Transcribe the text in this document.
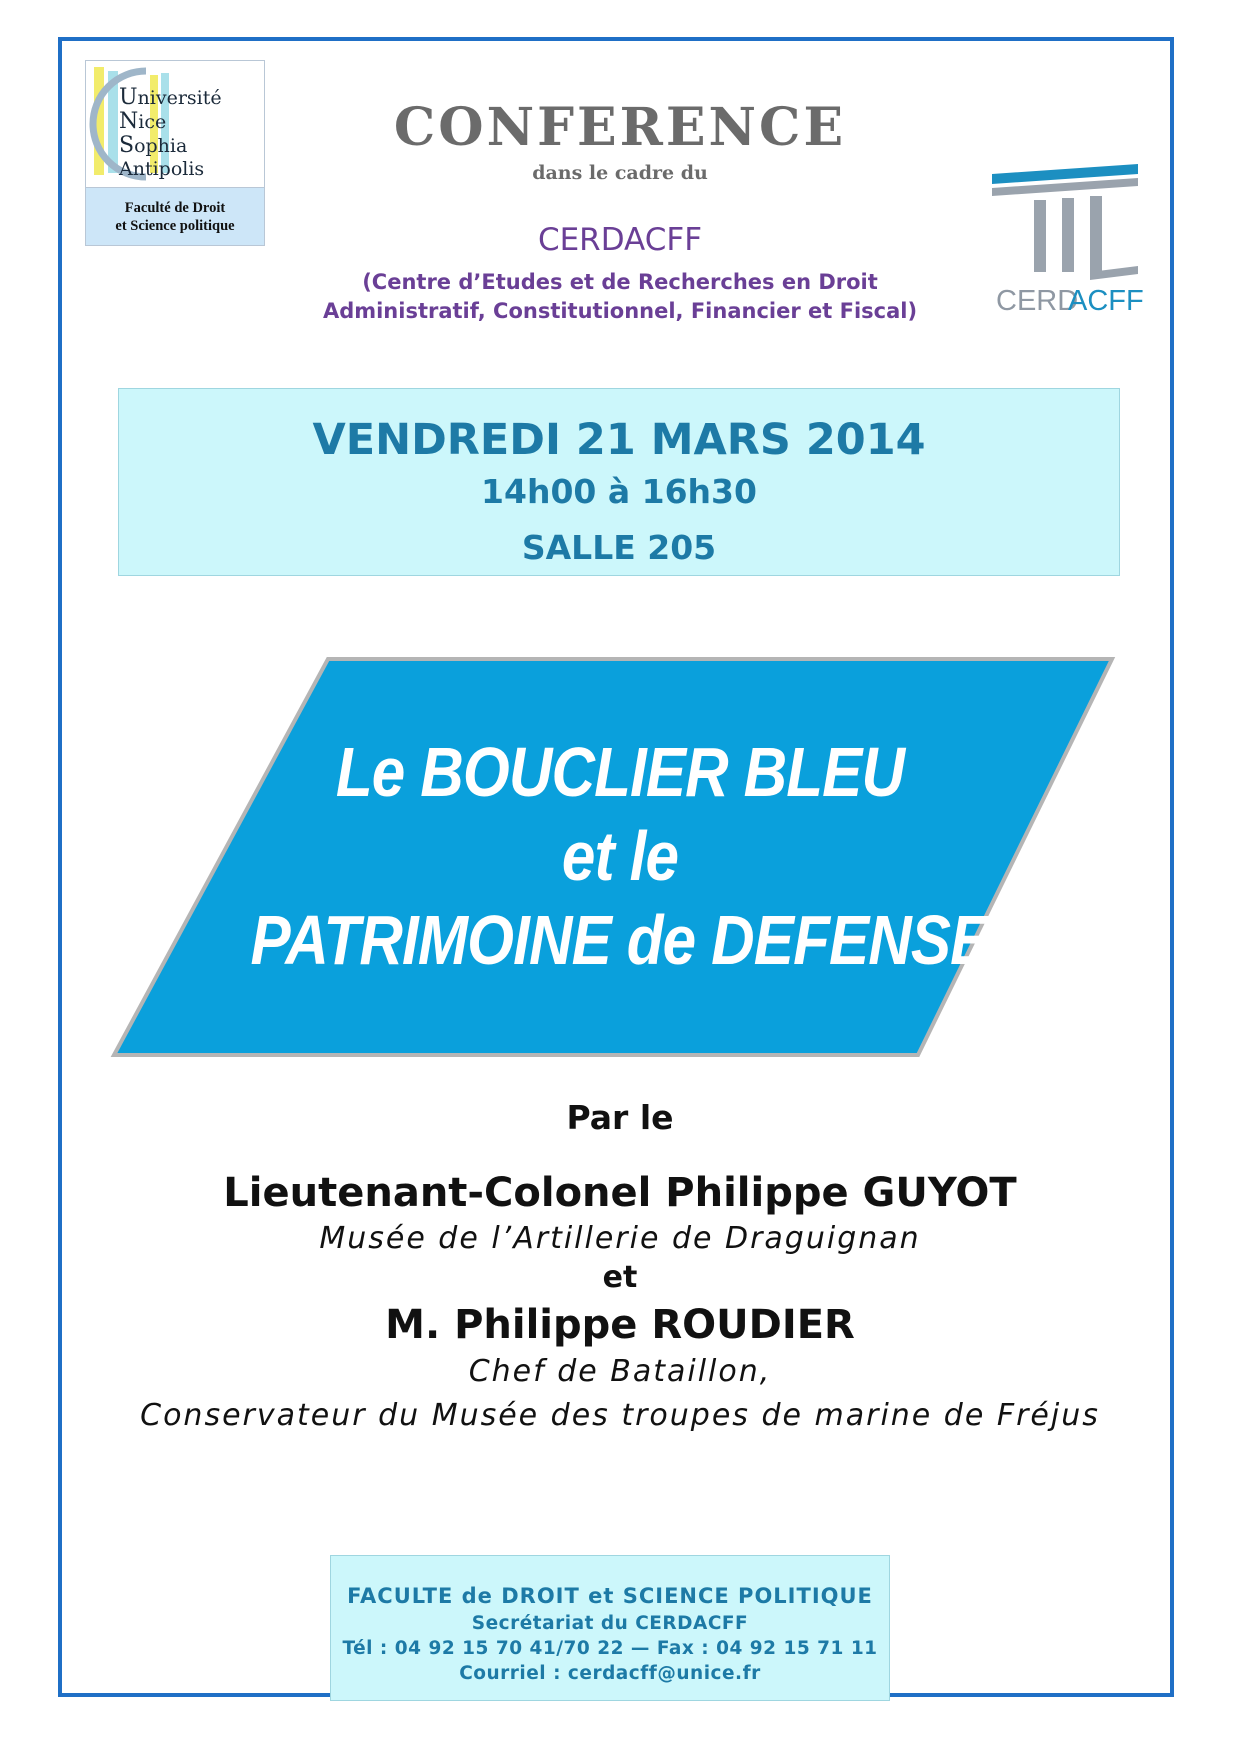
Université
Nice
Sophia Antipolis
Faculté de Droit
et Science politique
CONFERENCE
dans le cadre du
CERDACFF
(Centre d’Etudes et de Recherches en Droit
Administratif, Constitutionnel, Financier et Fiscal)	CERD
ACFF
VENDREDI 21 MARS 2014
14h00 à 16h30
SALLE 205
Le BOUCLIER BLEU
et le
PATRIMOINE de DEFENSE
Par le
Lieutenant-Colonel Philippe GUYOT
Musée de l’Artillerie de Draguignan
et
M. Philippe ROUDIER
Chef de Bataillon,
Conservateur du Musée des troupes de marine de Fréjus
FACULTE de DROIT et SCIENCE POLITIQUE
Secrétariat du CERDACFF
Tél : 04 92 15 70 41/70 22 — Fax : 04 92 15 71 11
Courriel : cerdacff@unice.fr
